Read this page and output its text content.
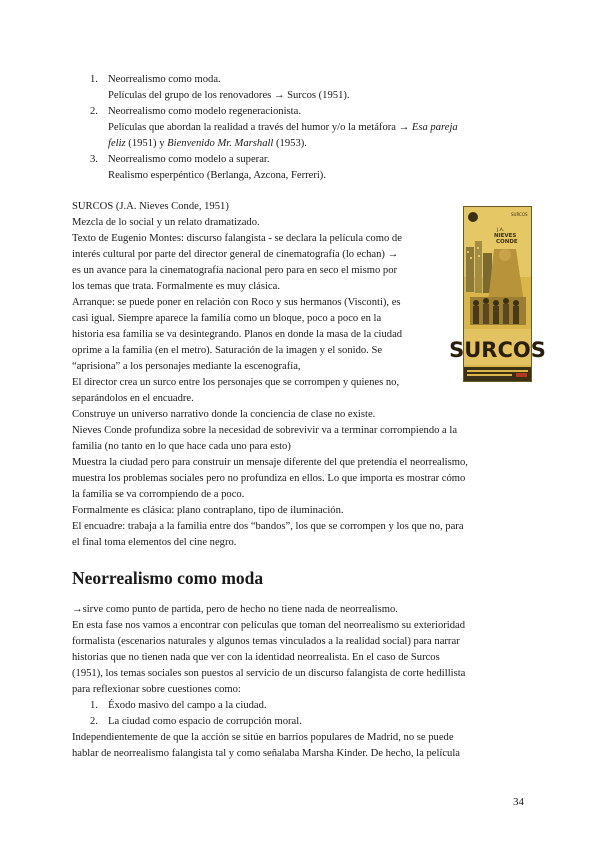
1. Neorrealismo como moda.
Películas del grupo de los renovadores → Surcos (1951).
2. Neorrealismo como modelo regeneracionista.
Películas que abordan la realidad a través del humor y/o la metáfora → Esa pareja
feliz (1951) y Bienvenido Mr. Marshall (1953).
3. Neorrealismo como modelo a superar.
Realismo esperpéntico (Berlanga, Azcona, Ferreri).
SURCOS (J.A. Nieves Conde, 1951)
Mezcla de lo social y un relato dramatizado.
Texto de Eugenio Montes: discurso falangista - se declara la película como de
interés cultural por parte del director general de cinematografía (lo echan) →
es un avance para la cinematografía nacional pero para en seco el mismo por
los temas que trata. Formalmente es muy clásica.
Arranque: se puede poner en relación con Roco y sus hermanos (Visconti), es
casi igual. Siempre aparece la familia como un bloque, poco a poco en la
historia esa familia se va desintegrando. Planos en donde la masa de la ciudad
oprime a la familia (en el metro). Saturación de la imagen y el sonido. Se
“aprisiona” a los personajes mediante la escenografía,
El director crea un surco entre los personajes que se corrompen y quienes no,
separándolos en el encuadre.
Construye un universo narrativo donde la conciencia de clase no existe.
Nieves Conde profundiza sobre la necesidad de sobrevivir va a terminar corrompiendo a la
familia (no tanto en lo que hace cada uno para esto)
Muestra la ciudad pero para construir un mensaje diferente del que pretendía el neorrealismo,
muestra los problemas sociales pero no profundiza en ellos. Lo que importa es mostrar cómo
la familia se va corrompiendo de a poco.
Formalmente es clásica: plano contraplano, tipo de iluminación.
El encuadre: trabaja a la familia entre dos “bandos”, los que se corrompen y los que no, para
el final toma elementos del cine negro.
SURCOS
J.A.
NIEVES
CONDE
SURCOS
Neorrealismo como moda
→sirve como punto de partida, pero de hecho no tiene nada de neorrealismo.
En esta fase nos vamos a encontrar con películas que toman del neorrealismo su exterioridad
formalista (escenarios naturales y algunos temas vinculados a la realidad social) para narrar
historias que no tienen nada que ver con la identidad neorrealista. En el caso de Surcos
(1951), los temas sociales son puestos al servicio de un discurso falangista de corte hedillista
para reflexionar sobre cuestiones como:
1. Éxodo masivo del campo a la ciudad.
2. La ciudad como espacio de corrupción moral.
Independientemente de que la acción se sitúe en barrios populares de Madrid, no se puede
hablar de neorrealismo falangista tal y como señalaba Marsha Kinder. De hecho, la película
34
